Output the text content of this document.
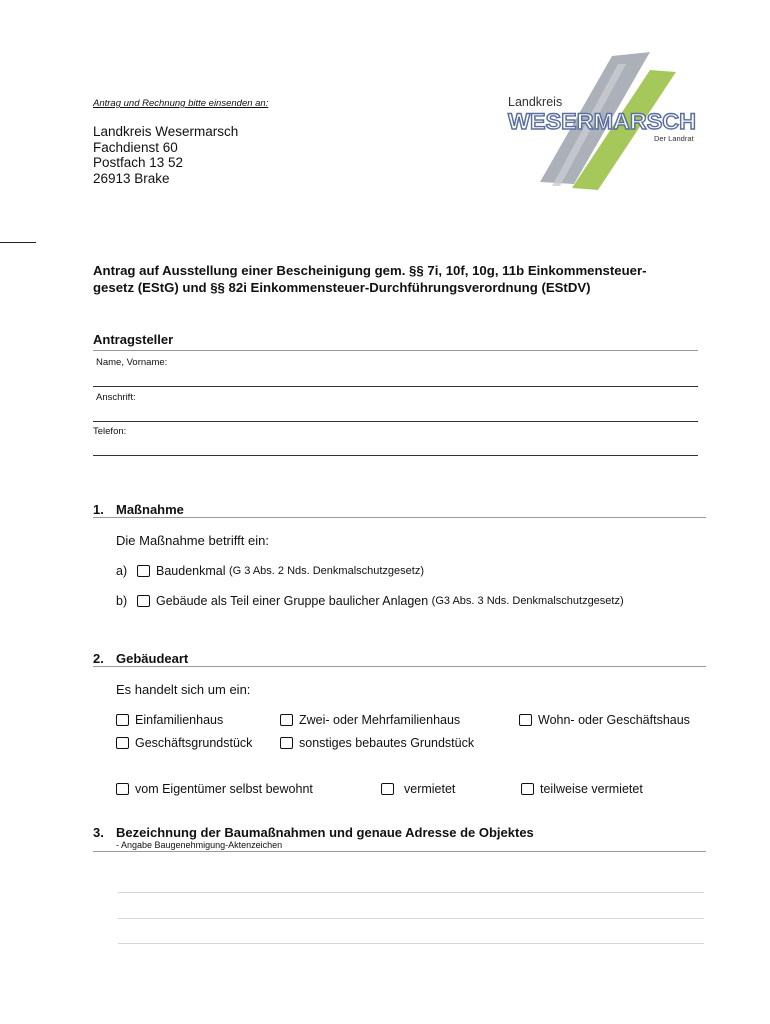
Antrag und Rechnung bitte einsenden an:
Landkreis Wesermarsch
Fachdienst 60
Postfach 13 52
26913 Brake
Landkreis
WESERMARSCH
Der Landrat
Antrag auf Ausstellung einer Bescheinigung gem. §§ 7i, 10f, 10g, 11b Einkommensteuer-
gesetz (EStG) und §§ 82i Einkommensteuer-Durchführungsverordnung (EStDV)
Antragsteller
Name, Vorname:
Anschrift:
Telefon:
1. Maßnahme
Die Maßnahme betrifft ein:
a)	Baudenkmal
(G 3 Abs. 2 Nds. Denkmalschutzgesetz)
b)	Gebäude als Teil einer Gruppe baulicher Anlagen
(G3 Abs. 3 Nds. Denkmalschutzgesetz)
2. Gebäudeart
Es handelt sich um ein:
Einfamilienhaus	Zwei- oder Mehrfamilienhaus	Wohn- oder Geschäftshaus
Geschäftsgrundstück	sonstiges bebautes Grundstück
vom Eigentümer selbst bewohnt	vermietet	teilweise vermietet
3. Bezeichnung der Baumaßnahmen und genaue Adresse de Objektes
- Angabe Baugenehmigung-Aktenzeichen
